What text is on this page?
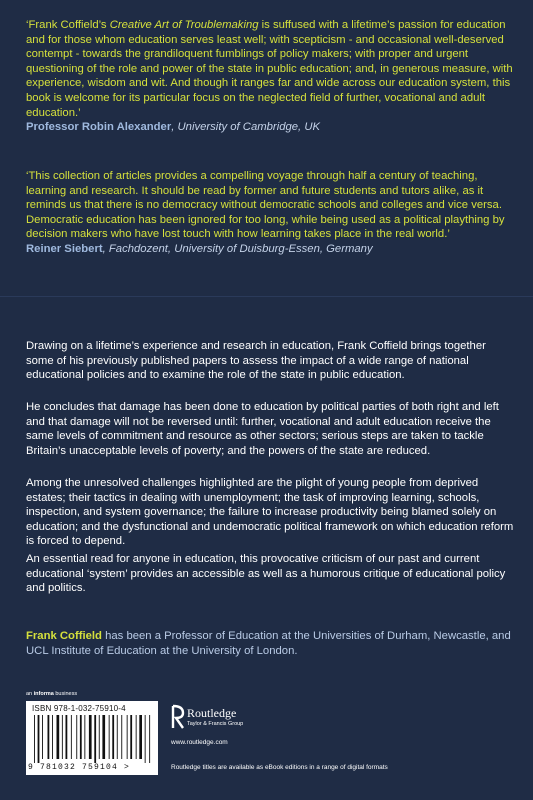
‘Frank Coffield’s Creative Art of Troublemaking is suffused with a lifetime’s passion for education and for those whom education serves least well; with scepticism - and occasional well-deserved contempt - towards the grandiloquent fumblings of policy makers; with proper and urgent questioning of the role and power of the state in public education; and, in generous measure, with experience, wisdom and wit. And though it ranges far and wide across our education system, this book is welcome for its particular focus on the neglected field of further, vocational and adult education.’
Professor Robin Alexander, University of Cambridge, UK
‘This collection of articles provides a compelling voyage through half a century of teaching, learning and research. It should be read by former and future students and tutors alike, as it reminds us that there is no democracy without democratic schools and colleges and vice versa. Democratic education has been ignored for too long, while being used as a political plaything by decision makers who have lost touch with how learning takes place in the real world.’
Reiner Siebert, Fachdozent, University of Duisburg-Essen, Germany
Drawing on a lifetime’s experience and research in education, Frank Coffield brings together some of his previously published papers to assess the impact of a wide range of national educational policies and to examine the role of the state in public education.
He concludes that damage has been done to education by political parties of both right and left and that damage will not be reversed until: further, vocational and adult education receive the same levels of commitment and resource as other sectors; serious steps are taken to tackle Britain’s unacceptable levels of poverty; and the powers of the state are reduced.
Among the unresolved challenges highlighted are the plight of young people from deprived estates; their tactics in dealing with unemployment; the task of improving learning, schools, inspection, and system governance; the failure to increase productivity being blamed solely on education; and the dysfunctional and undemocratic political framework on which education reform is forced to depend.
An essential read for anyone in education, this provocative criticism of our past and current educational ‘system’ provides an accessible as well as a humorous critique of educational policy and politics.
Frank Coffield has been a Professor of Education at the Universities of Durham, Newcastle, and UCL Institute of Education at the University of London.
an informa business
ISBN 978-1-032-75910-4
9 781032 759104 >
Routledge
Taylor & Francis Group
www.routledge.com
Routledge titles are available as eBook editions in a range of digital formats
